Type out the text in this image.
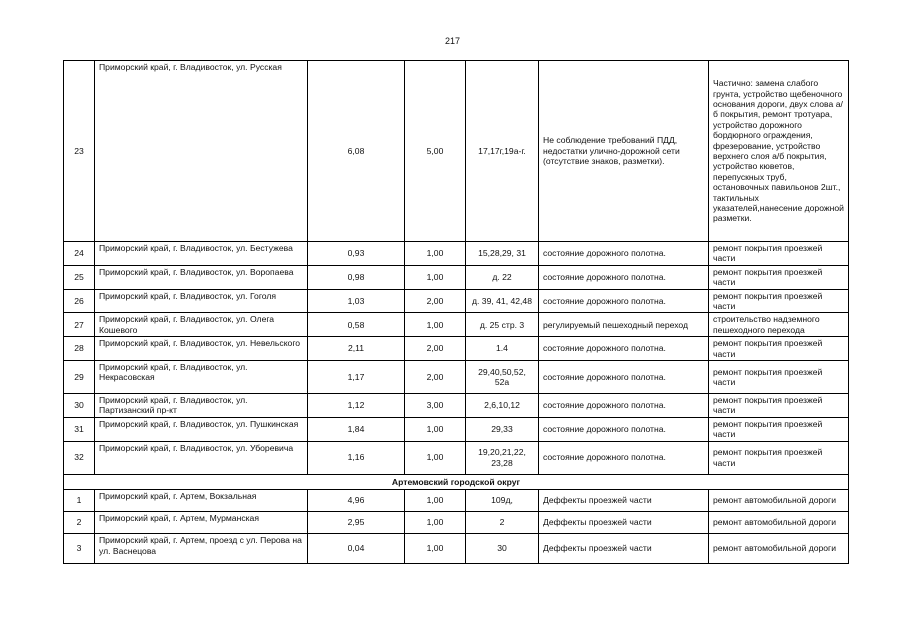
217
23	Приморский край, г. Владивосток, ул. Русская	6,08	5,00	17,17г,19а-г.	Не соблюдение требований ПДД, недостатки улично-дорожной сети (отсутствие знаков, разметки).	Частично: замена слабого грунта, устройство щебеночного основания дороги, двух слова а/б покрытия, ремонт тротуара, устройство дорожного бордюрного ограждения, фрезерование, устройство верхнего слоя а/б покрытия, устройство кюветов, перепускных труб, остановочных павильонов 2шт., тактильных указателей,нанесение дорожной разметки.
24	Приморский край, г. Владивосток, ул. Бестужева	0,93	1,00	15,28,29, 31	состояние дорожного полотна.	ремонт покрытия проезжей части
25	Приморский край, г. Владивосток, ул. Воропаева	0,98	1,00	д. 22	состояние дорожного полотна.	ремонт покрытия проезжей части
26	Приморский край, г. Владивосток, ул. Гоголя	1,03	2,00	д. 39, 41, 42,48	состояние дорожного полотна.	ремонт покрытия проезжей части
27	Приморский край, г. Владивосток, ул. Олега Кошевого	0,58	1,00	д. 25 стр. 3	регулируемый пешеходный переход	строительство надземного пешеходного перехода
28	Приморский край, г. Владивосток, ул. Невельского	2,11	2,00	1.4	состояние дорожного полотна.	ремонт покрытия проезжей части
29	Приморский край, г. Владивосток, ул. Некрасовская	1,17	2,00	29,40,50,52, 52а	состояние дорожного полотна.	ремонт покрытия проезжей части
30	Приморский край, г. Владивосток, ул. Партизанский пр-кт	1,12	3,00	2,6,10,12	состояние дорожного полотна.	ремонт покрытия проезжей части
31	Приморский край, г. Владивосток, ул. Пушкинская	1,84	1,00	29,33	состояние дорожного полотна.	ремонт покрытия проезжей части
32	Приморский край, г. Владивосток, ул. Уборевича	1,16	1,00	19,20,21,22, 23,28	состояние дорожного полотна.	ремонт покрытия проезжей части
Артемовский городской округ						
1	Приморский край, г. Артем, Вокзальная	4,96	1,00	109д,	Деффекты проезжей части	ремонт автомобильной дороги
2	Приморский край, г. Артем, Мурманская	2,95	1,00	2	Деффекты проезжей части	ремонт автомобильной дороги
3	Приморский край, г. Артем, проезд с ул. Перова на ул. Васнецова	0,04	1,00	30	Деффекты проезжей части	ремонт автомобильной дороги
